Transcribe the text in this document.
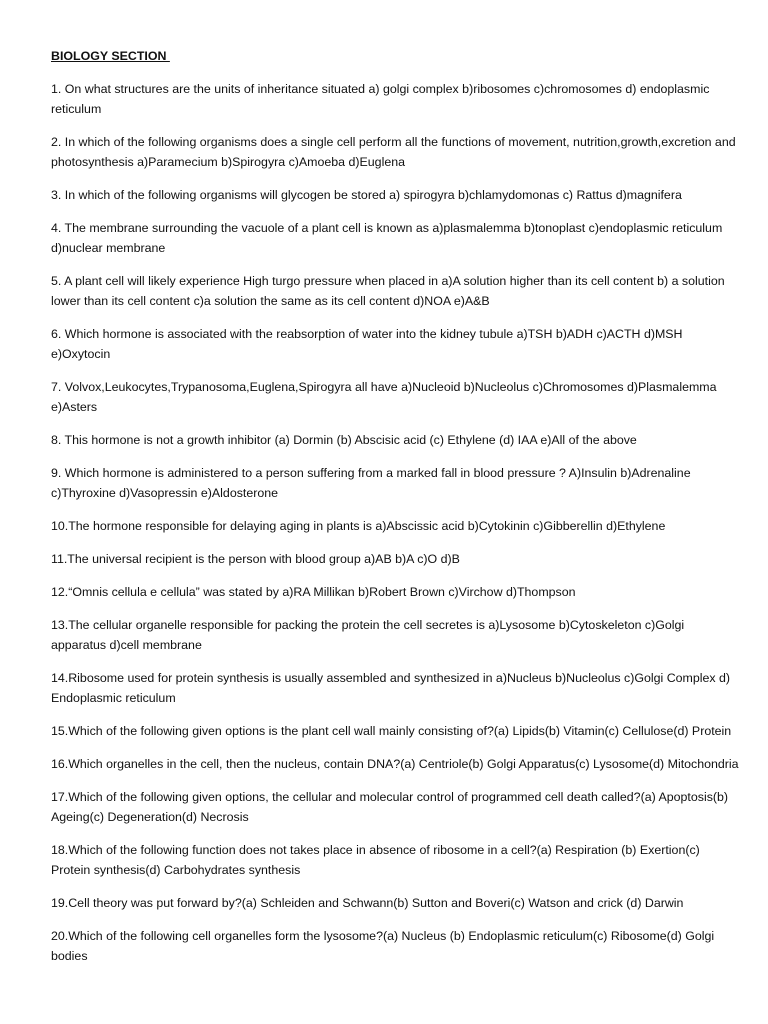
BIOLOGY SECTION
1. On what structures are the units of inheritance situated a) golgi complex b)ribosomes c)chromosomes d) endoplasmic reticulum
2. In which of the following organisms does a single cell perform all the functions of movement, nutrition,growth,excretion and photosynthesis a)Paramecium b)Spirogyra c)Amoeba d)Euglena
3. In which of the following organisms will glycogen be stored a) spirogyra b)chlamydomonas c) Rattus d)magnifera
4. The membrane surrounding the vacuole of a plant cell is known as a)plasmalemma b)tonoplast c)endoplasmic reticulum d)nuclear membrane
5. A plant cell will likely experience High turgo pressure when placed in a)A solution higher than its cell content b) a solution lower than its cell content c)a solution the same as its cell content d)NOA e)A&B
6. Which hormone is associated with the reabsorption of water into the kidney tubule a)TSH b)ADH c)ACTH d)MSH e)Oxytocin
7. Volvox,Leukocytes,Trypanosoma,Euglena,Spirogyra all have a)Nucleoid b)Nucleolus c)Chromosomes d)Plasmalemma e)Asters
8. This hormone is not a growth inhibitor (a) Dormin (b) Abscisic acid (c) Ethylene (d) IAA e)All of the above
9. Which hormone is administered to a person suffering from a marked fall in blood pressure ? A)Insulin b)Adrenaline c)Thyroxine d)Vasopressin e)Aldosterone
10.The hormone responsible for delaying aging in plants is a)Abscissic acid b)Cytokinin c)Gibberellin d)Ethylene
11.The universal recipient is the person with blood group a)AB b)A c)O d)B
12.“Omnis cellula e cellula” was stated by a)RA Millikan b)Robert Brown c)Virchow d)Thompson
13.The cellular organelle responsible for packing the protein the cell secretes is a)Lysosome b)Cytoskeleton c)Golgi apparatus d)cell membrane
14.Ribosome used for protein synthesis is usually assembled and synthesized in a)Nucleus b)Nucleolus c)Golgi Complex d) Endoplasmic reticulum
15.Which of the following given options is the plant cell wall mainly consisting of?(a) Lipids(b) Vitamin(c) Cellulose(d) Protein
16.Which organelles in the cell, then the nucleus, contain DNA?(a) Centriole(b) Golgi Apparatus(c) Lysosome(d) Mitochondria
17.Which of the following given options, the cellular and molecular control of programmed cell death called?(a) Apoptosis(b) Ageing(c) Degeneration(d) Necrosis
18.Which of the following function does not takes place in absence of ribosome in a cell?(a) Respiration (b) Exertion(c) Protein synthesis(d) Carbohydrates synthesis
19.Cell theory was put forward by?(a) Schleiden and Schwann(b) Sutton and Boveri(c) Watson and crick (d) Darwin
20.Which of the following cell organelles form the lysosome?(a) Nucleus (b) Endoplasmic reticulum(c) Ribosome(d) Golgi bodies
